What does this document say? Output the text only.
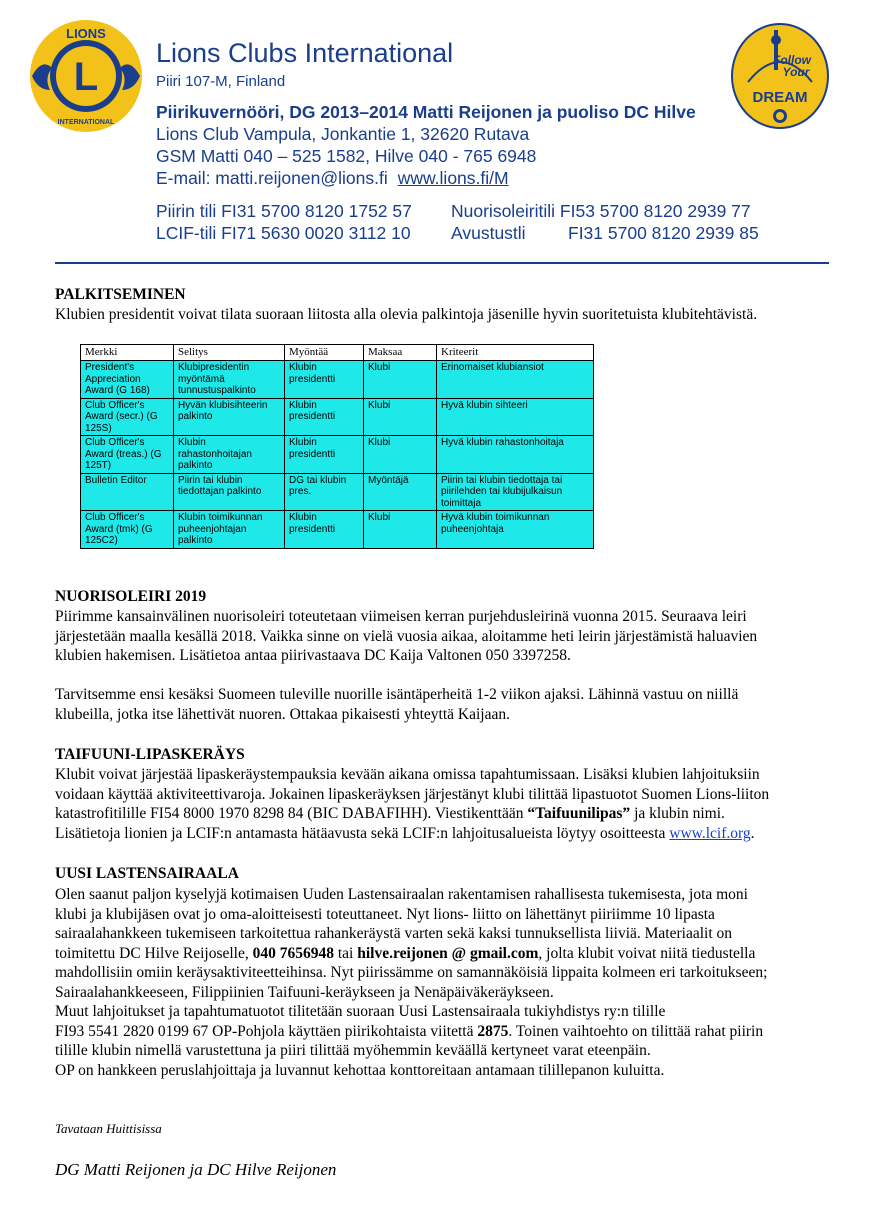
L
LIONS
INTERNATIONAL
Follow
Your
DREAM
Lions Clubs International
Piiri 107-M, Finland
Piirikuvernööri, DG 2013–2014 Matti Reijonen ja puoliso DC Hilve
Lions Club Vampula, Jonkantie 1, 32620 Rutava
GSM Matti 040 – 525 1582, Hilve 040 - 765 6948
E-mail: matti.reijonen@lions.fi www.lions.fi/M
Piirin tili FI31 5700 8120 1752 57 Nuorisoleiritili FI53 5700 8120 2939 77
LCIF-tili FI71 5630 0020 3112 10 Avustustli FI31 5700 8120 2939 85
PALKITSEMINEN
Klubien presidentit voivat tilata suoraan liitosta alla olevia palkintoja jäsenille hyvin suoritetuista klubitehtävistä.
Merkki	Selitys	Myöntää	Maksaa	Kriteerit
President's Appreciation Award (G 168)	Klubipresidentin myöntämä tunnustuspalkinto	Klubin presidentti	Klubi	Erinomaiset klubiansiot
Club Officer's Award (secr.) (G 125S)	Hyvän klubisihteerin palkinto	Klubin presidentti	Klubi	Hyvä klubin sihteeri
Club Officer's Award (treas.) (G 125T)	Klubin rahastonhoitajan palkinto	Klubin presidentti	Klubi	Hyvä klubin rahastonhoitaja
Bulletin Editor	Piirin tai klubin tiedottajan palkinto	DG tai klubin pres.	Myöntäjä	Piirin tai klubin tiedottaja tai piirilehden tai klubijulkaisun toimittaja
Club Officer's Award (tmk) (G 125C2)	Klubin toimikunnan puheenjohtajan palkinto	Klubin presidentti	Klubi	Hyvä klubin toimikunnan puheenjohtaja
NUORISOLEIRI 2019
Piirimme kansainvälinen nuorisoleiri toteutetaan viimeisen kerran purjehdusleirinä vuonna 2015. Seuraava leiri
järjestetään maalla kesällä 2018. Vaikka sinne on vielä vuosia aikaa, aloitamme heti leirin järjestämistä haluavien
klubien hakemisen. Lisätietoa antaa piirivastaava DC Kaija Valtonen 050 3397258.
Tarvitsemme ensi kesäksi Suomeen tuleville nuorille isäntäperheitä 1-2 viikon ajaksi. Lähinnä vastuu on niillä
klubeilla, jotka itse lähettivät nuoren. Ottakaa pikaisesti yhteyttä Kaijaan.
TAIFUUNI-LIPASKERÄYS
Klubit voivat järjestää lipaskeräystempauksia kevään aikana omissa tapahtumissaan. Lisäksi klubien lahjoituksiin
voidaan käyttää aktiviteettivaroja. Jokainen lipaskeräyksen järjestänyt klubi tilittää lipastuotot Suomen Lions-liiton
katastrofitilille FI54 8000 1970 8298 84 (BIC DABAFIHH). Viestikenttään “Taifuunilipas” ja klubin nimi.
Lisätietoja lionien ja LCIF:n antamasta hätäavusta sekä LCIF:n lahjoitusalueista löytyy osoitteesta www.lcif.org.
UUSI LASTENSAIRAALA
Olen saanut paljon kyselyjä kotimaisen Uuden Lastensairaalan rakentamisen rahallisesta tukemisesta, jota moni
klubi ja klubijäsen ovat jo oma-aloitteisesti toteuttaneet. Nyt lions- liitto on lähettänyt piiriimme 10 lipasta
sairaalahankkeen tukemiseen tarkoitettua rahankeräystä varten sekä kaksi tunnuksellista liiviä. Materiaalit on
toimitettu DC Hilve Reijoselle, 040 7656948 tai hilve.reijonen @ gmail.com, jolta klubit voivat niitä tiedustella
mahdollisiin omiin keräysaktiviteetteihinsa. Nyt piirissämme on samannäköisiä lippaita kolmeen eri tarkoitukseen;
Sairaalahankkeeseen, Filippiinien Taifuuni-keräykseen ja Nenäpäiväkeräykseen.
Muut lahjoitukset ja tapahtumatuotot tilitetään suoraan Uusi Lastensairaala tukiyhdistys ry:n tilille
FI93 5541 2820 0199 67 OP-Pohjola käyttäen piirikohtaista viitettä 2875. Toinen vaihtoehto on tilittää rahat piirin
tilille klubin nimellä varustettuna ja piiri tilittää myöhemmin keväällä kertyneet varat eteenpäin.
OP on hankkeen peruslahjoittaja ja luvannut kehottaa konttoreitaan antamaan tilillepanon kuluitta.
Tavataan Huittisissa
DG Matti Reijonen ja DC Hilve Reijonen
